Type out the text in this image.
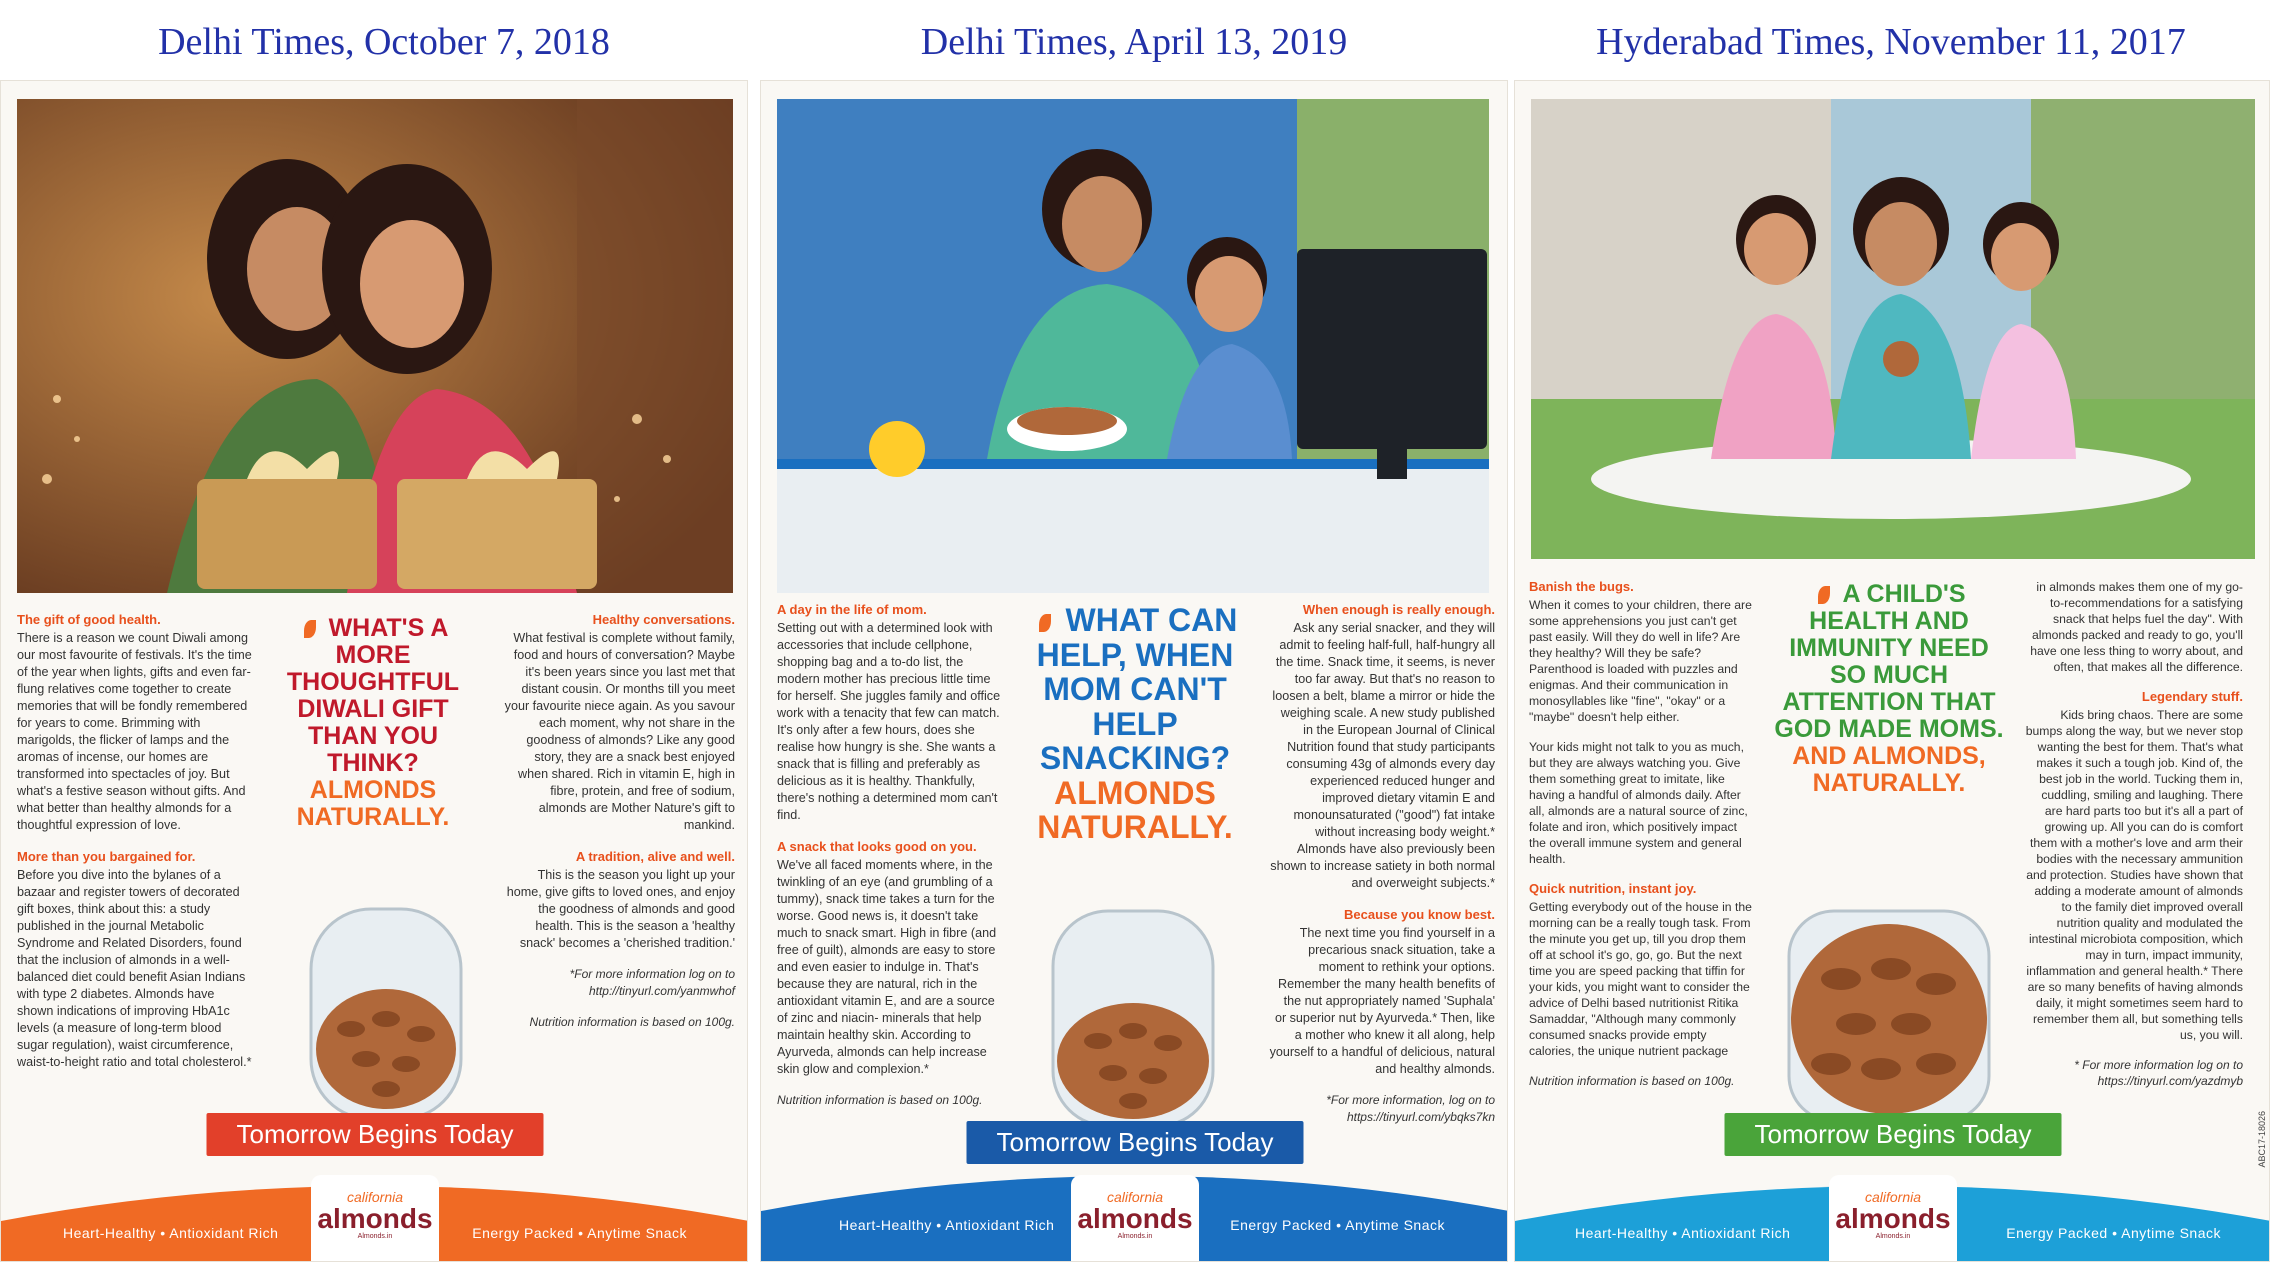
Delhi Times, October 7, 2018	Delhi Times, April 13, 2019	Hyderabad Times, November 11, 2017
The gift of good health.

There is a reason we count Diwali among our most favourite of festivals. It's the time of the year when lights, gifts and even far-flung relatives come together to create memories that will be fondly remembered for years to come. Brimming with marigolds, the flicker of lamps and the aromas of incense, our homes are transformed into spectacles of joy. But what's a festive season without gifts. And what better than healthy almonds for a thoughtful expression of love.

More than you bargained for.

Before you dive into the bylanes of a bazaar and register towers of decorated gift boxes, think about this: a study published in the journal Metabolic Syndrome and Related Disorders, found that the inclusion of almonds in a well-balanced diet could benefit Asian Indians with type 2 diabetes. Almonds have shown indications of improving HbA1c levels (a measure of long-term blood sugar regulation), waist circumference, waist-to-height ratio and total cholesterol.*

WHAT'S A MORE THOUGHTFUL DIWALI GIFT THAN YOU THINK?
ALMONDS NATURALLY.
Healthy conversations.

What festival is complete without family, food and hours of conversation? Maybe it's been years since you last met that distant cousin. Or months till you meet your favourite niece again. As you savour each moment, why not share in the goodness of almonds? Like any good story, they are a snack best enjoyed when shared. Rich in vitamin E, high in fibre, protein, and free of sodium, almonds are Mother Nature's gift to mankind.

A tradition, alive and well.

This is the season you light up your home, give gifts to loved ones, and enjoy the goodness of almonds and good health. This is the season a 'healthy snack' becomes a 'cherished tradition.'

*For more information log on to http://tinyurl.com/yanmwhof

Nutrition information is based on 100g.

Tomorrow Begins Today
Heart-Healthy • Antioxidant Rich
california
almonds
Almonds.in	Energy Packed • Anytime Snack
A day in the life of mom.

Setting out with a determined look with accessories that include cellphone, shopping bag and a to-do list, the modern mother has precious little time for herself. She juggles family and office work with a tenacity that few can match. It's only after a few hours, does she realise how hungry is she. She wants a snack that is filling and preferably as delicious as it is healthy. Thankfully, there's nothing a determined mom can't find.

A snack that looks good on you.

We've all faced moments where, in the twinkling of an eye (and grumbling of a tummy), snack time takes a turn for the worse. Good news is, it doesn't take much to snack smart. High in fibre (and free of guilt), almonds are easy to store and even easier to indulge in. That's because they are natural, rich in the antioxidant vitamin E, and are a source of zinc and niacin- minerals that help maintain healthy skin. According to Ayurveda, almonds can help increase skin glow and complexion.*

Nutrition information is based on 100g.

WHAT CAN HELP, WHEN MOM CAN'T HELP SNACKING?
ALMONDS NATURALLY.
When enough is really enough.

Ask any serial snacker, and they will admit to feeling half-full, half-hungry all the time. Snack time, it seems, is never too far away. But that's no reason to loosen a belt, blame a mirror or hide the weighing scale. A new study published in the European Journal of Clinical Nutrition found that study participants consuming 43g of almonds every day experienced reduced hunger and improved dietary vitamin E and monounsaturated ("good") fat intake without increasing body weight.* Almonds have also previously been shown to increase satiety in both normal and overweight subjects.*

Because you know best.

The next time you find yourself in a precarious snack situation, take a moment to rethink your options. Remember the many health benefits of the nut appropriately named 'Suphala' or superior nut by Ayurveda.* Then, like a mother who knew it all along, help yourself to a handful of delicious, natural and healthy almonds.

*For more information, log on to https://tinyurl.com/ybqks7kn

Tomorrow Begins Today
Heart-Healthy • Antioxidant Rich
california
almonds
Almonds.in
Energy Packed • Anytime Snack
Banish the bugs.

When it comes to your children, there are some apprehensions you just can't get past easily. Will they do well in life? Are they healthy? Will they be safe? Parenthood is loaded with puzzles and enigmas. And their communication in monosyllables like "fine", "okay" or a "maybe" doesn't help either.

Your kids might not talk to you as much, but they are always watching you. Give them something great to imitate, like having a handful of almonds daily. After all, almonds are a natural source of zinc, folate and iron, which positively impact the overall immune system and general health.

Quick nutrition, instant joy.

Getting everybody out of the house in the morning can be a really tough task. From the minute you get up, till you drop them off at school it's go, go, go. But the next time you are speed packing that tiffin for your kids, you might want to consider the advice of Delhi based nutritionist Ritika Samaddar, "Although many commonly consumed snacks provide empty calories, the unique nutrient package

Nutrition information is based on 100g.

A CHILD'S HEALTH AND IMMUNITY NEED SO MUCH ATTENTION THAT GOD MADE MOMS.
AND ALMONDS, NATURALLY.

in almonds makes them one of my go-to-recommendations for a satisfying snack that helps fuel the day". With almonds packed and ready to go, you'll have one less thing to worry about, and often, that makes all the difference.

Legendary stuff.

Kids bring chaos. There are some bumps along the way, but we never stop wanting the best for them. That's what makes it such a tough job. Kind of, the best job in the world. Tucking them in, cuddling, smiling and laughing. There are hard parts too but it's all a part of growing up. All you can do is comfort them with a mother's love and arm their bodies with the necessary ammunition and protection. Studies have shown that adding a moderate amount of almonds to the family diet improved overall nutrition quality and modulated the intestinal microbiota composition, which may in turn, impact immunity, inflammation and general health.* There are so many benefits of having almonds daily, it might sometimes seem hard to remember them all, but something tells us, you will.

* For more information log on to https://tinyurl.com/yazdmyb

ABC17-18026
Tomorrow Begins Today
Heart-Healthy • Antioxidant Rich
california
almonds
Almonds.in	Energy Packed • Anytime Snack
